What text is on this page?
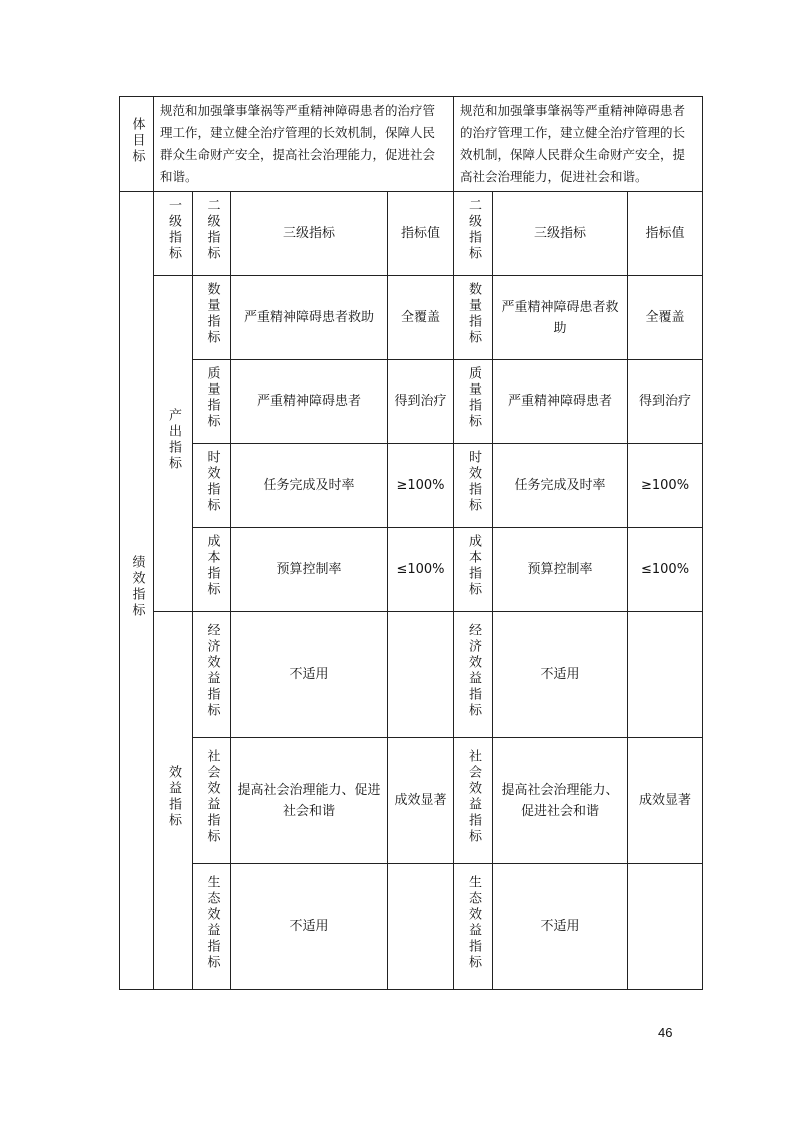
体目标	规范和加强肇事肇祸等严重精神障碍患者的治疗管理工作，建立健全治疗管理的长效机制，保障人民群众生命财产安全，提高社会治理能力，促进社会和谐。				规范和加强肇事肇祸等严重精神障碍患者的治疗管理工作，建立健全治疗管理的长效机制，保障人民群众生命财产安全，提高社会治理能力，促进社会和谐。		
绩效指标	一级指标	二级指标	三级指标	指标值	二级指标	三级指标	指标值
	产出指标	数量指标	严重精神障碍患者救助	全覆盖	数量指标	严重精神障碍患者救助	全覆盖
		质量指标	严重精神障碍患者	得到治疗	质量指标	严重精神障碍患者	得到治疗
		时效指标	任务完成及时率	≥100%	时效指标	任务完成及时率	≥100%
		成本指标	预算控制率	≤100%	成本指标	预算控制率	≤100%
	效益指标	经济效益指标	不适用		经济效益指标	不适用	
		社会效益指标	提高社会治理能力、促进社会和谐	成效显著	社会效益指标	提高社会治理能力、促进社会和谐	成效显著
		生态效益指标	不适用		生态效益指标	不适用	
46
